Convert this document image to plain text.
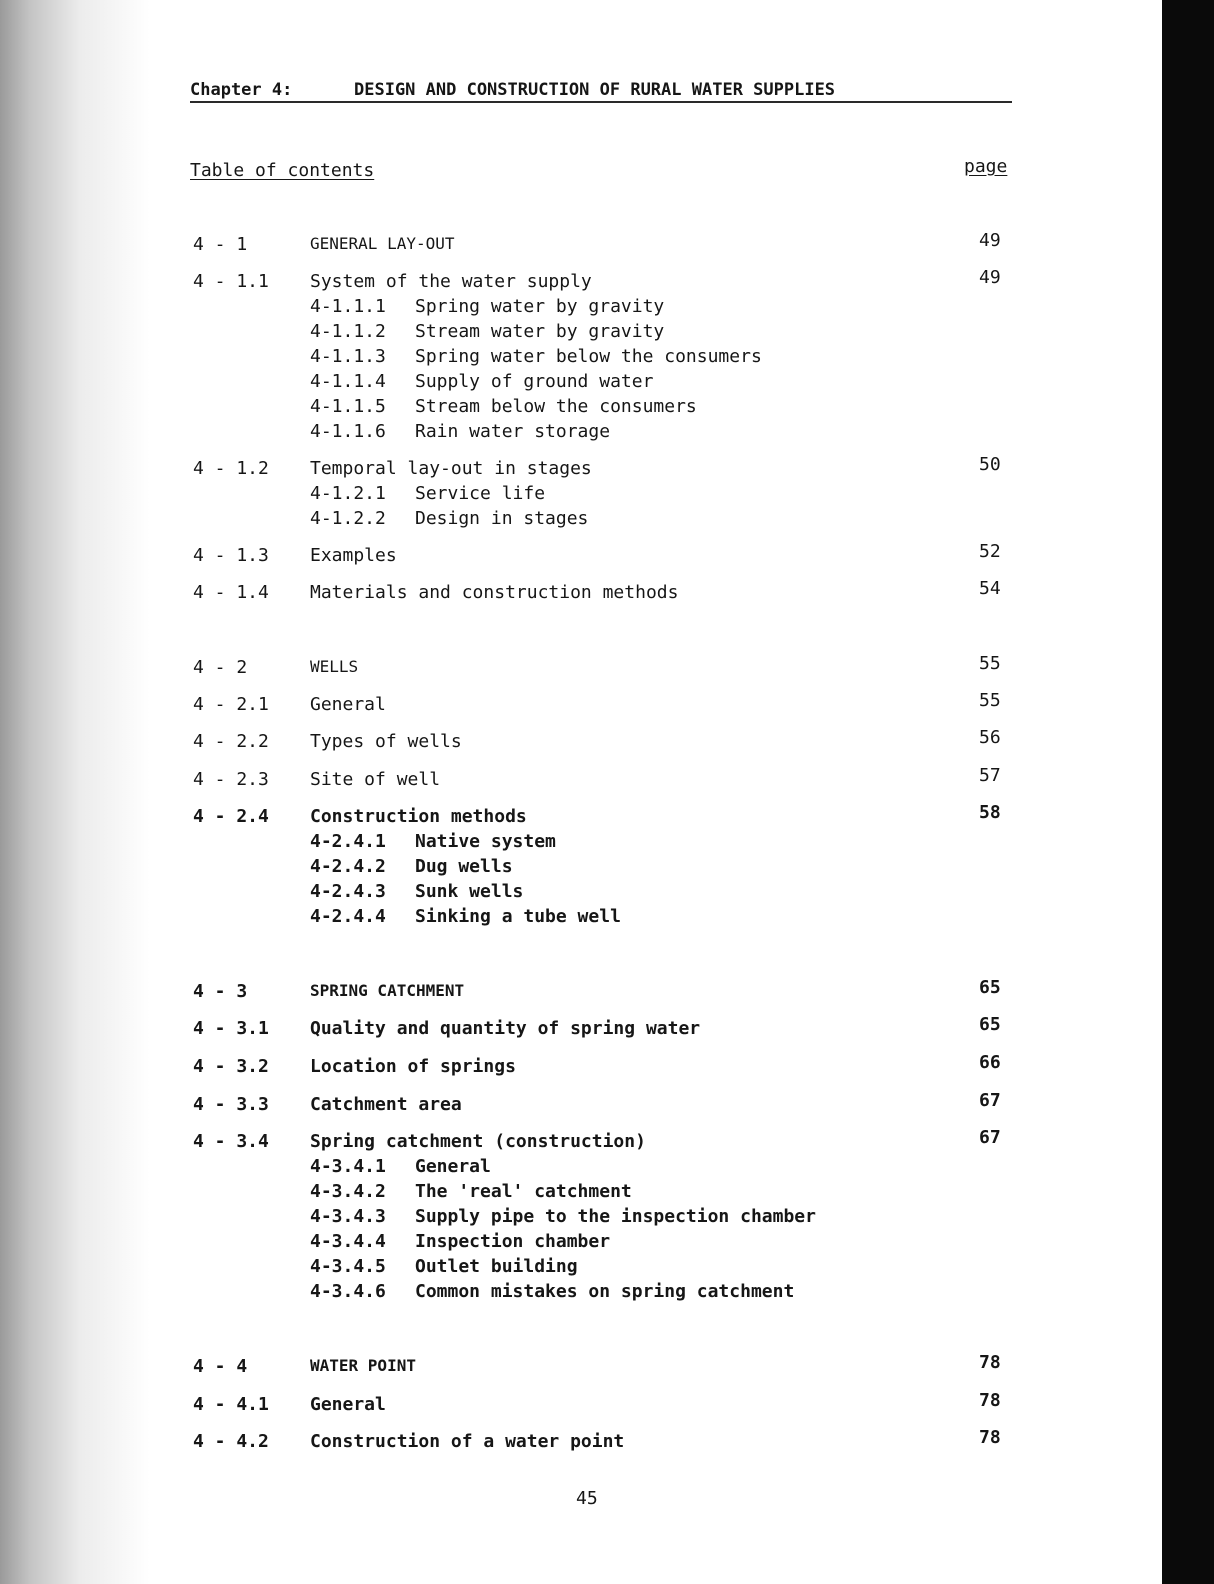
Chapter 4:	DESIGN AND CONSTRUCTION OF RURAL WATER SUPPLIES
Table of contents	page
4 - 1	GENERAL LAY-OUT	49
4 - 1.1 System of the water supply	49
4-1.1.1 Spring water by gravity
4-1.1.2 Stream water by gravity
4-1.1.3 Spring water below the consumers
4-1.1.4 Supply of ground water
4-1.1.5 Stream below the consumers
4-1.1.6 Rain water storage
4 - 1.2 Temporal lay-out in stages	50
4-1.2.1 Service life
4-1.2.2 Design in stages
4 - 1.3 Examples	52
4 - 1.4 Materials and construction methods	54
4 - 2	WELLS	55
4 - 2.1 General	55
4 - 2.2 Types of wells	56
4 - 2.3 Site of well	57
4 - 2.4 Construction methods	58
4-2.4.1 Native system
4-2.4.2 Dug wells
4-2.4.3 Sunk wells
4-2.4.4 Sinking a tube well
4 - 3	SPRING CATCHMENT	65
4 - 3.1 Quality and quantity of spring water	65
4 - 3.2 Location of springs	66
4 - 3.3 Catchment area	67
4 - 3.4 Spring catchment (construction)	67
4-3.4.1 General
4-3.4.2 The 'real' catchment
4-3.4.3 Supply pipe to the inspection chamber
4-3.4.4 Inspection chamber
4-3.4.5 Outlet building
4-3.4.6 Common mistakes on spring catchment
4 - 4	WATER POINT	78
4 - 4.1 General	78
4 - 4.2 Construction of a water point	78
45
